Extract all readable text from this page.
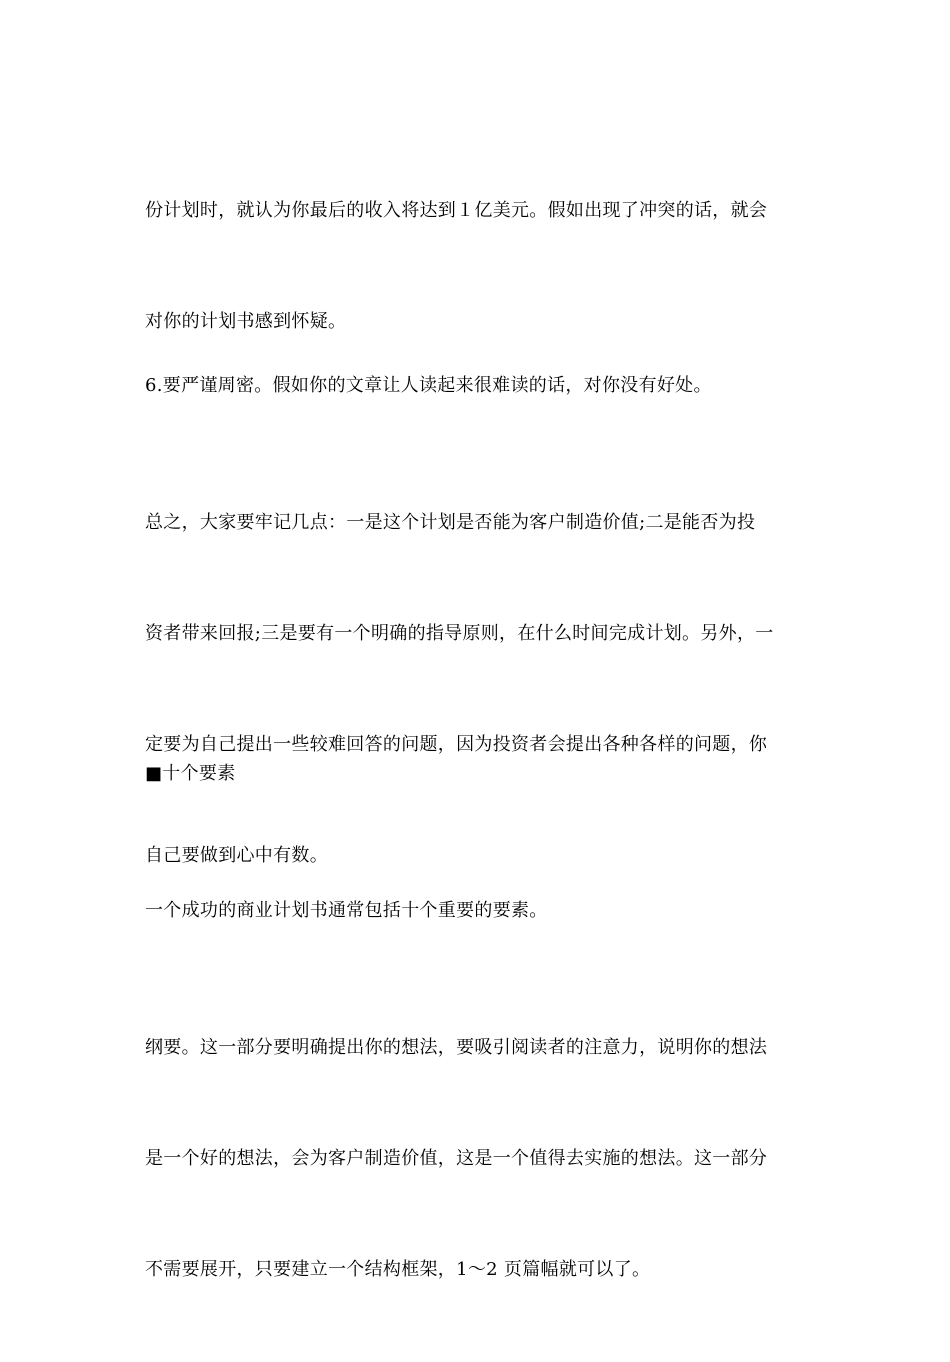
份计划时，就认为你最后的收入将达到１亿美元。假如出现了冲突的话，就会

对你的计划书感到怀疑。

6.要严谨周密。假如你的文章让人读起来很难读的话，对你没有好处。

总之，大家要牢记几点：一是这个计划是否能为客户制造价值;二是能否为投

资者带来回报;三是要有一个明确的指导原则，在什么时间完成计划。另外，一

定要为自己提出一些较难回答的问题，因为投资者会提出各种各样的问题，你

自己要做到心中有数。

■十个要素

一个成功的商业计划书通常包括十个重要的要素。

纲要。这一部分要明确提出你的想法，要吸引阅读者的注意力，说明你的想法

是一个好的想法，会为客户制造价值，这是一个值得去实施的想法。这一部分

不需要展开，只要建立一个结构框架，1～2 页篇幅就可以了。
